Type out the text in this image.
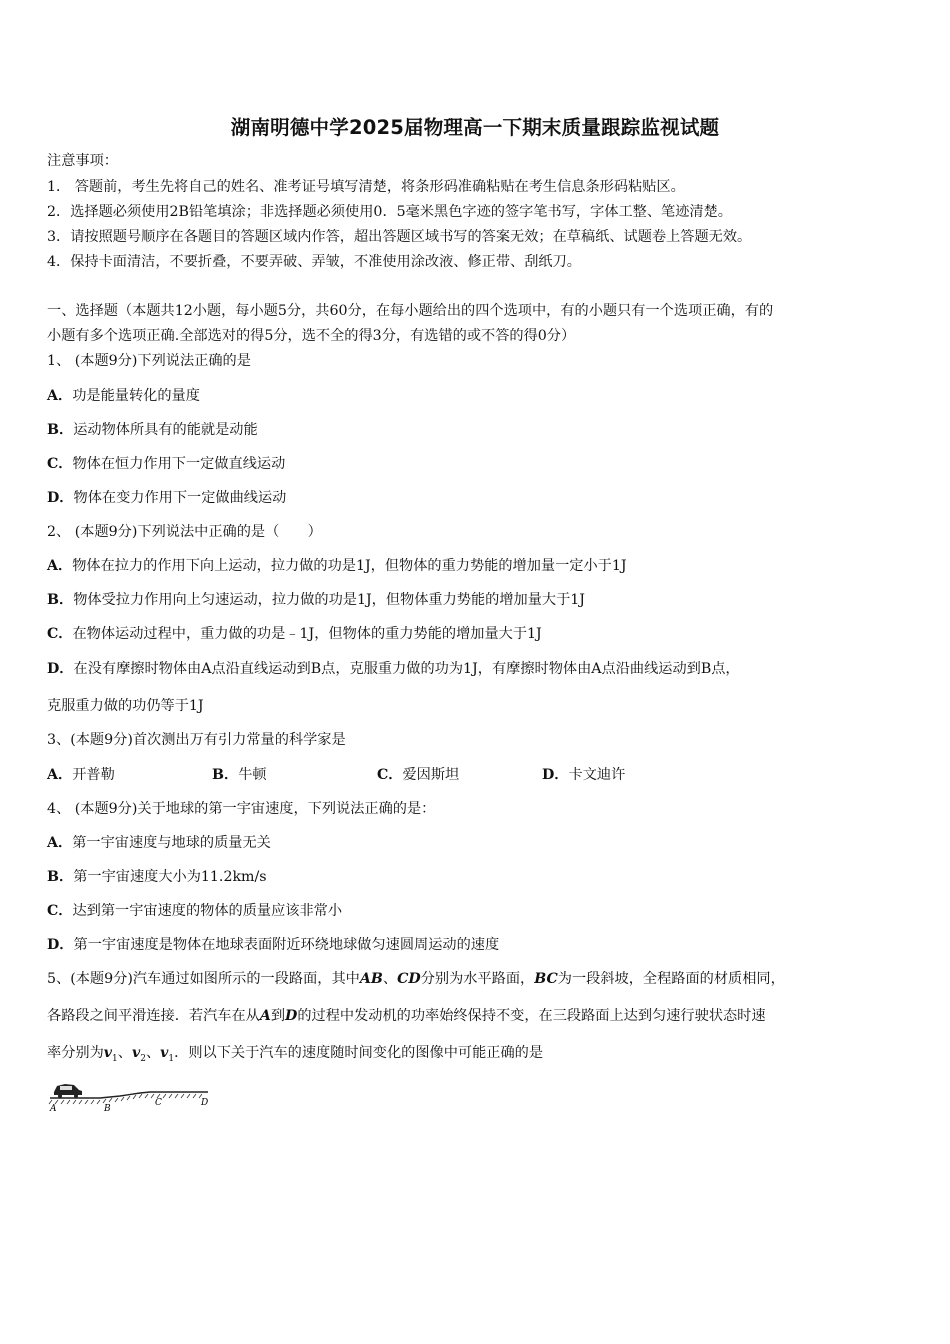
湖南明德中学2025届物理高一下期末质量跟踪监视试题
注意事项：
1． 答题前，考生先将自己的姓名、准考证号填写清楚，将条形码准确粘贴在考生信息条形码粘贴区。
2．选择题必须使用2B铅笔填涂；非选择题必须使用0．5毫米黑色字迹的签字笔书写，字体工整、笔迹清楚。
3．请按照题号顺序在各题目的答题区域内作答，超出答题区域书写的答案无效；在草稿纸、试题卷上答题无效。
4．保持卡面清洁，不要折叠，不要弄破、弄皱，不准使用涂改液、修正带、刮纸刀。
一、选择题（本题共12小题，每小题5分，共60分，在每小题给出的四个选项中，有的小题只有一个选项正确，有的
小题有多个选项正确.全部选对的得5分，选不全的得3分，有选错的或不答的得0分）
1、 (本题9分)下列说法正确的是
A．功是能量转化的量度
B．运动物体所具有的能就是动能
C．物体在恒力作用下一定做直线运动
D．物体在变力作用下一定做曲线运动
2、 (本题9分)下列说法中正确的是（　　）
A．物体在拉力的作用下向上运动，拉力做的功是1J，但物体的重力势能的增加量一定小于1J
B．物体受拉力作用向上匀速运动，拉力做的功是1J，但物体重力势能的增加量大于1J
C．在物体运动过程中，重力做的功是﹣1J，但物体的重力势能的增加量大于1J
D．在没有摩擦时物体由A点沿直线运动到B点，克服重力做的功为1J，有摩擦时物体由A点沿曲线运动到B点，
克服重力做的功仍等于1J
3、(本题9分)首次测出万有引力常量的科学家是
A．开普勒	B．牛顿	C．爱因斯坦	D．卡文迪许
4、 (本题9分)关于地球的第一宇宙速度，下列说法正确的是：
A．第一宇宙速度与地球的质量无关
B．第一宇宙速度大小为11.2km/s
C．达到第一宇宙速度的物体的质量应该非常小
D．第一宇宙速度是物体在地球表面附近环绕地球做匀速圆周运动的速度
5、(本题9分)汽车通过如图所示的一段路面，其中AB、CD分别为水平路面，BC为一段斜坡，全程路面的材质相同，
各路段之间平滑连接．若汽车在从A到D的过程中发动机的功率始终保持不变，在三段路面上达到匀速行驶状态时速
率分别为$v_1$、$v_2$、$v_1$．则以下关于汽车的速度随时间变化的图像中可能正确的是
A	B
C	D
